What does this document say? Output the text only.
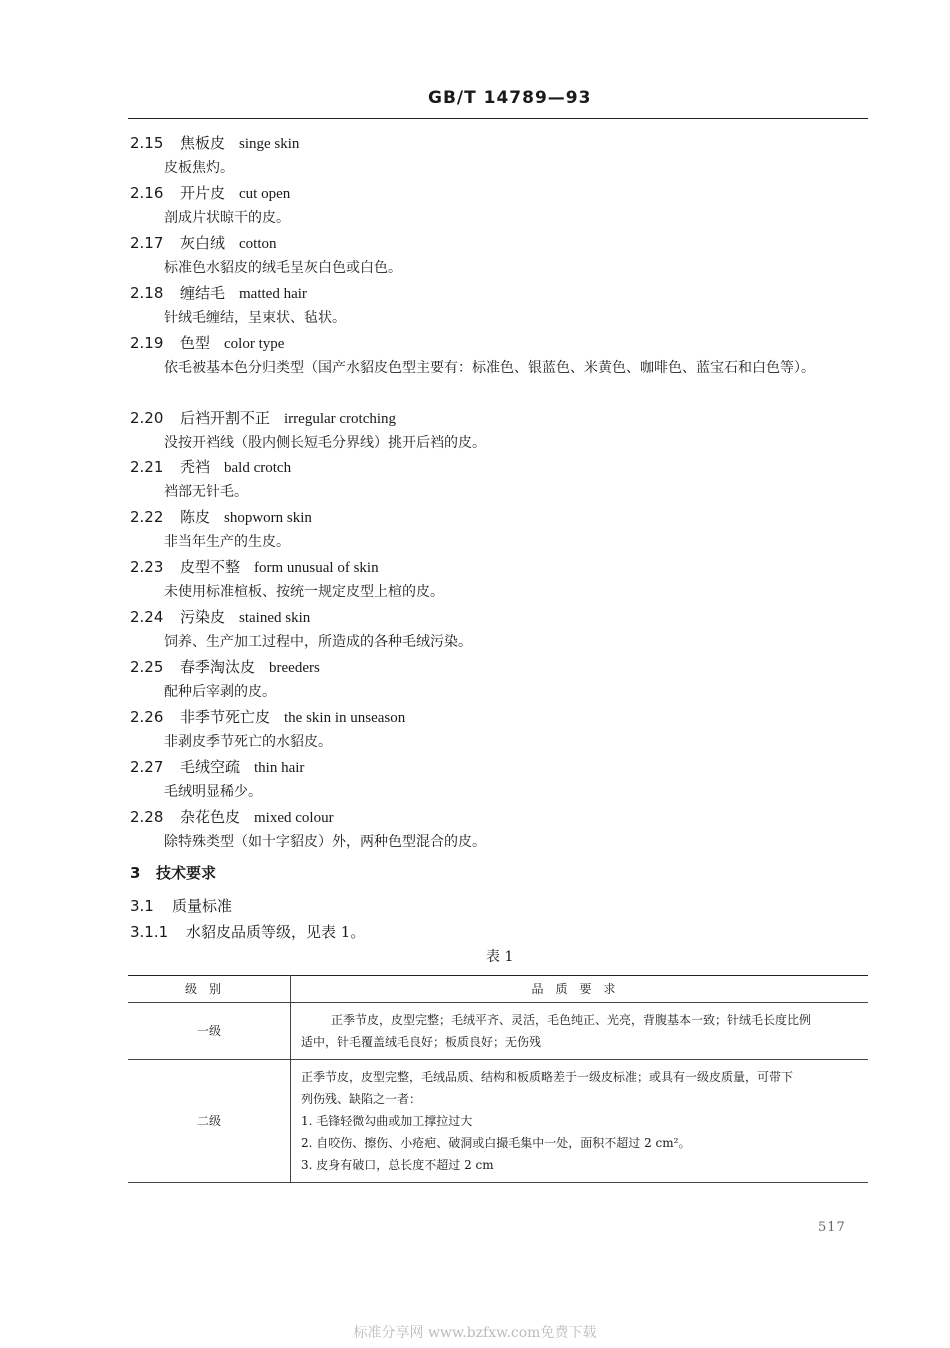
GB/T 14789—93
2.15 焦板皮 singe skin
皮板焦灼。
2.16 开片皮 cut open
剖成片状晾干的皮。
2.17 灰白绒 cotton
标准色水貂皮的绒毛呈灰白色或白色。
2.18 缠结毛 matted hair
针绒毛缠结，呈束状、毡状。
2.19 色型 color type
依毛被基本色分归类型（国产水貂皮色型主要有：标准色、银蓝色、米黄色、咖啡色、蓝宝石和白色等）。
2.20 后裆开割不正 irregular crotching
没按开裆线（股内侧长短毛分界线）挑开后裆的皮。
2.21 秃裆 bald crotch
裆部无针毛。
2.22 陈皮 shopworn skin
非当年生产的生皮。
2.23 皮型不整 form unusual of skin
未使用标准楦板、按统一规定皮型上楦的皮。
2.24 污染皮 stained skin
饲养、生产加工过程中，所造成的各种毛绒污染。
2.25 春季淘汰皮 breeders
配种后宰剥的皮。
2.26 非季节死亡皮 the skin in unseason
非剥皮季节死亡的水貂皮。
2.27 毛绒空疏 thin hair
毛绒明显稀少。
2.28 杂花色皮 mixed colour
除特殊类型（如十字貂皮）外，两种色型混合的皮。
3 技术要求
3.1 质量标准
3.1.1 水貂皮品质等级，见表 1。
表 1
级别	品质要求
一级	正季节皮，皮型完整；毛绒平齐、灵活，毛色纯正、光亮，背腹基本一致；针绒毛长度比例
适中，针毛覆盖绒毛良好；板质良好；无伤残

二级	正季节皮，皮型完整，毛绒品质、结构和板质略差于一级皮标准；或具有一级皮质量，可带下
列伤残、缺陷之一者：
1. 毛锋轻微勾曲或加工撑拉过大
2. 自咬伤、擦伤、小疮疤、破洞或白撮毛集中一处，面积不超过 2 cm²。
3. 皮身有破口，总长度不超过 2 cm
517
标准分享网 www.bzfxw.com免费下载
